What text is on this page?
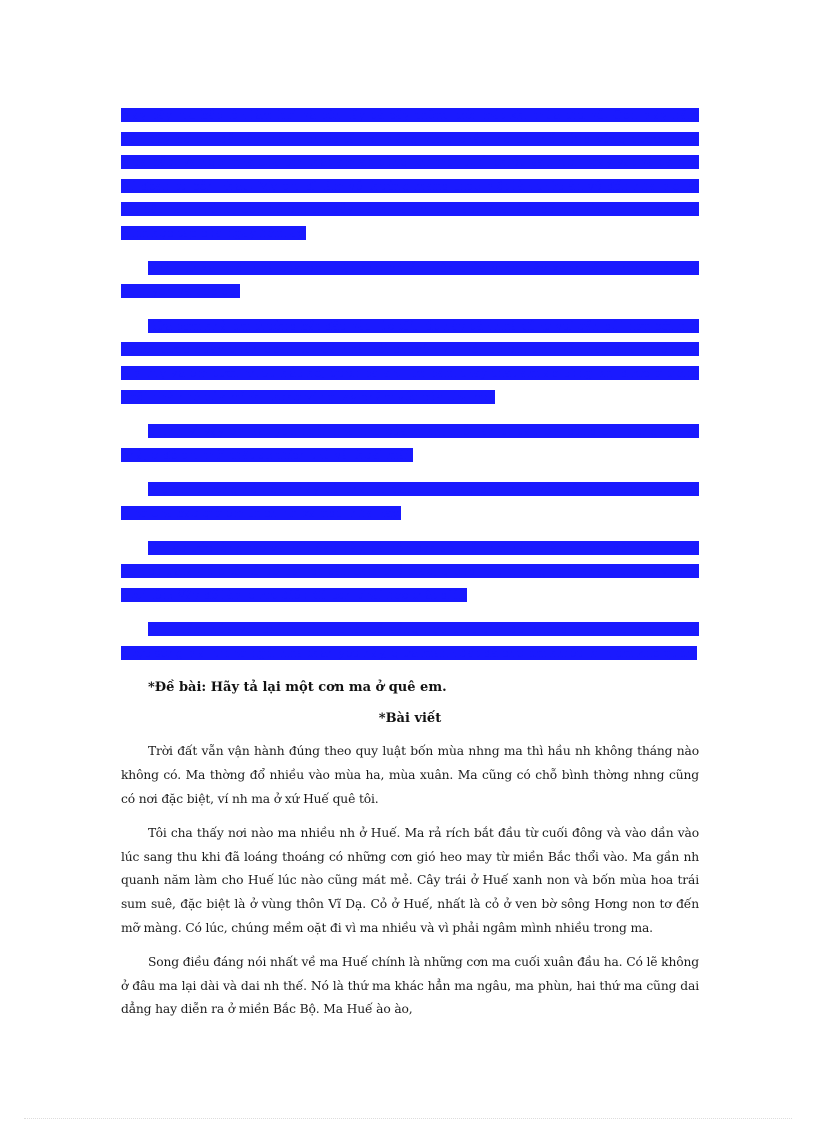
mấy cây me bắc lên làm bơi và còn lấy cả cây thông trời mát khi mùa thu về. Còn mấy năm gần đây bố em đã xây thành chiếc tầu xi măng vững chắc, nó có thể đứng vững được trong mưa bão. Và ngôi nhà của em thật ấm áp cùng khi mỗi buổi chiều sau mỗi ngày vất vả cả nhà lại đoàn tụ bên nhau. Mẹ em đi làm về thường mang theo một làn thức ăn về đến nhà mẹ lại tất bật nấu nướng, còn bố em thì dẫy cành, lá em tới rau. Vừa làm bố mẹ vừa hỏi em về tình hình học tập của ngày hôm ấy.

Nhìn từ xa ngôi nhà của em thật nhỏ bé ẩn hiện giữa vườn cây xanh tốt. Trông nó thật bình yên và đẹp đẽ.

Bữa cơm nhà em thường bắt đầu vào lúc tối, lúc này căn nhà đông vui gần gũi hơn bởi mọi người được quây quần đoàn tụ. Cả nhà nói chuyện vui vẻ, bố em tinh vốn hay đùa nhiều khi làm mẹ và em cười nhiều nắc nẻ, quên cả ăn. Em cảm thấy thật ấm áp cùng khi được ở trong ngôi nhà nhỏ của mình, trong vòng tay chăm sóc của cha mẹ.

Chính vì vậy em rất yêu ngôi nhà nhỏ của mình, mỗi lần đi đâu em cũng chỉ mong trở về nhà, ở đó em mới thật sự thích thú và thoải mái.

Mẹ em thường nói: Sau này dù phải đi đâu con cũng phải nhớ về ngôi nhà này nhé. Thật lòng cha bao giờ em thích rời xa ngôi nhà này.

Em ao ước lòng mẹ và nói: Sau này, cả bên con sẽ biến nơi này thành một ngôi biệt thự to hơn có gara để ô tô, tô bể bơi, có sân chơi thể thao, giống như những ngôi nhà ở trên ti vi. Mẹ cười lên: Vậy để làm được điều đó con phải học thật giỏi.

Em thầm hứa với chính mình phải cố gắng học thật giỏi để không phụ lòng cha mẹ và được sống mãi trong ngôi nhà thân yêu này, giữa mảnh đất đã cho em nhiều kỉ niệm khó quên.

*Đề bài: Hãy tả lại một cơn ma ở quê em.
*Bài viết

Trời đất vẫn vận hành đúng theo quy luật bốn mùa nhng ma thì hầu nh không tháng nào không có. Ma thờng đổ nhiều vào mùa ha, mùa xuân. Ma cũng có chỗ bình thờng nhng cũng có nơi đặc biệt, ví nh ma ở xứ Huế quê tôi.

Tôi cha thấy nơi nào ma nhiều nh ở Huế. Ma rả rích bắt đầu từ cuối đông và vào dần vào lúc sang thu khi đã loáng thoáng có những cơn gió heo may từ miền Bắc thổi vào. Ma gần nh quanh năm làm cho Huế lúc nào cũng mát mẻ. Cây trái ở Huế xanh non và bốn mùa hoa trái sum suê, đặc biệt là ở vùng thôn Vĩ Dạ. Cỏ ở Huế, nhất là cỏ ở ven bờ sông Hơng non tơ đến mỡ màng. Có lúc, chúng mềm oặt đi vì ma nhiều và vì phải ngâm mình nhiều trong ma.

Song điều đáng nói nhất về ma Huế chính là những cơn ma cuối xuân đầu ha. Có lẽ không ở đâu ma lại dài và dai nh thế. Nó là thứ ma khác hẳn ma ngâu, ma phùn, hai thứ ma cũng dai dẳng hay diễn ra ở miền Bắc Bộ. Ma Huế ào ào,
